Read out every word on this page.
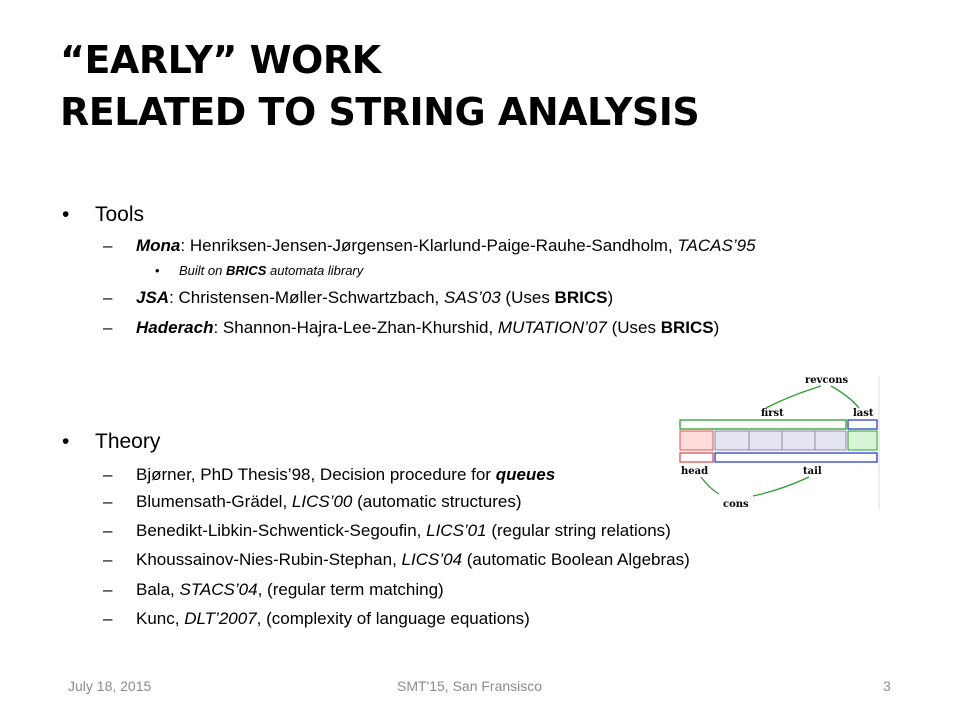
“EARLY” WORK
RELATED TO STRING ANALYSIS
• Tools
– Mona: Henriksen-Jensen-Jørgensen-Klarlund-Paige-Rauhe-Sandholm, TACAS’95
• Built on BRICS automata library
– JSA: Christensen-Møller-Schwartzbach, SAS’03 (Uses BRICS)
– Haderach: Shannon-Hajra-Lee-Zhan-Khurshid, MUTATION’07 (Uses BRICS)
• Theory
– Bjørner, PhD Thesis’98, Decision procedure for queues
– Blumensath-Grädel, LICS’00 (automatic structures)
– Benedikt-Libkin-Schwentick-Segoufin, LICS’01 (regular string relations)
– Khoussainov-Nies-Rubin-Stephan, LICS’04 (automatic Boolean Algebras)
– Bala, STACS’04, (regular term matching)
– Kunc, DLT’2007, (complexity of language equations)
revcons
first	last
head	tail
cons
July 18, 2015	SMT'15, San Fransisco	3
